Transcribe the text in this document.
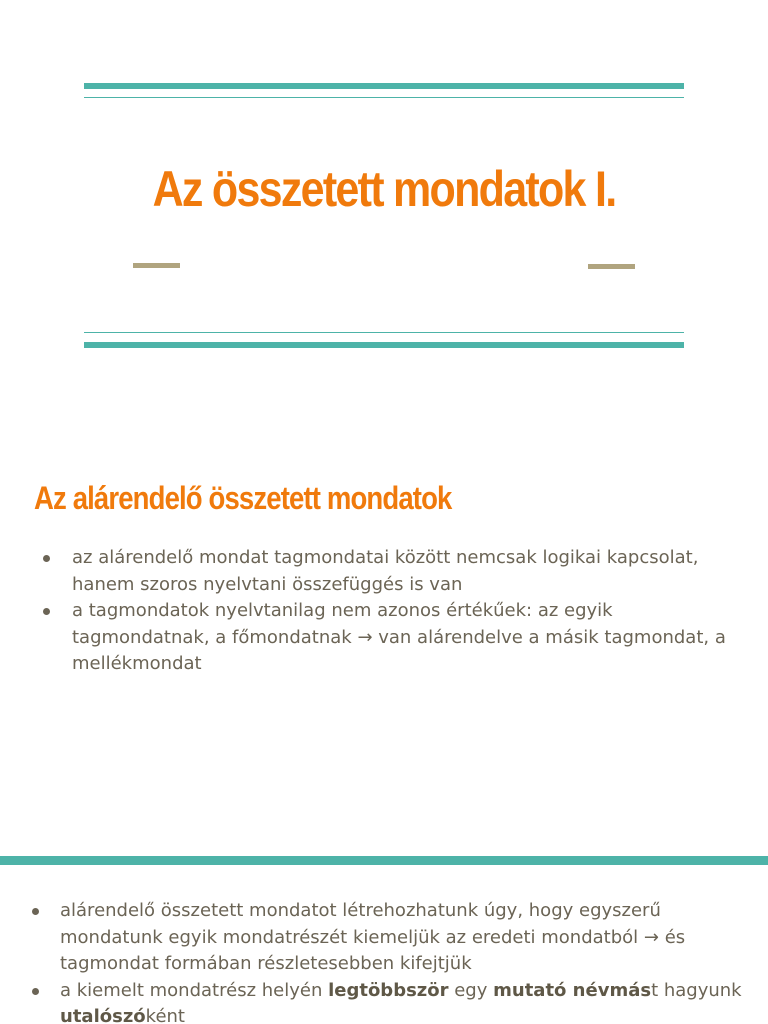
Az összetett mondatok I.
Az alárendelő összetett mondatok
az alárendelő mondat tagmondatai között nemcsak logikai kapcsolat, hanem szoros nyelvtani összefüggés is van
a tagmondatok nyelvtanilag nem azonos értékűek: az egyik tagmondatnak, a főmondatnak → van alárendelve a másik tagmondat, a mellékmondat
alárendelő összetett mondatot létrehozhatunk úgy, hogy egyszerű mondatunk egyik mondatrészét kiemeljük az eredeti mondatból → és tagmondat formában részletesebben kifejtjük
a kiemelt mondatrész helyén legtöbbször egy mutató névmást hagyunk utalószóként
